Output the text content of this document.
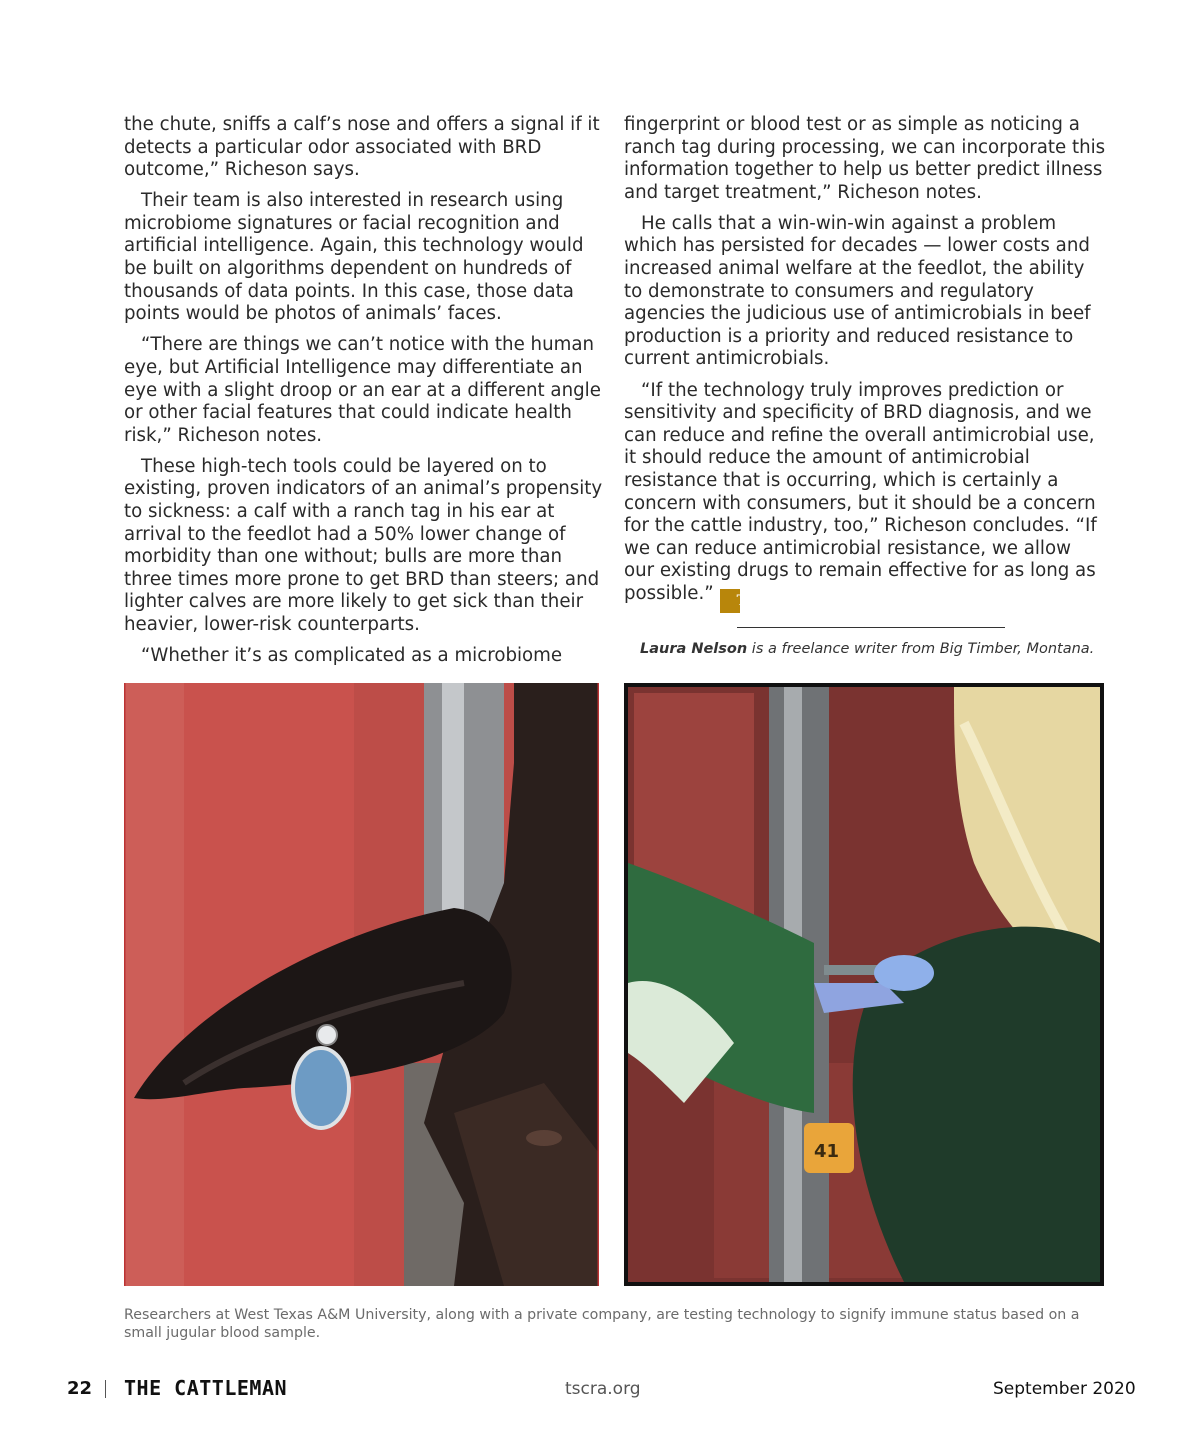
the chute, sniffs a calf’s nose and offers a signal if it detects a particular odor associated with BRD outcome,” Richeson says.

Their team is also interested in research using microbiome signatures or facial recognition and artificial intelligence. Again, this technology would be built on algorithms dependent on hundreds of thousands of data points. In this case, those data points would be photos of animals’ faces.

“There are things we can’t notice with the human eye, but Artificial Intelligence may differentiate an eye with a slight droop or an ear at a different angle or other facial features that could indicate health risk,” Richeson notes.

These high-tech tools could be layered on to existing, proven indicators of an animal’s propensity to sickness: a calf with a ranch tag in his ear at arrival to the feedlot had a 50% lower change of morbidity than one without; bulls are more than three times more prone to get BRD than steers; and lighter calves are more likely to get sick than their heavier, lower-risk counterparts.

“Whether it’s as complicated as a microbiome

fingerprint or blood test or as simple as noticing a ranch tag during processing, we can incorporate this information together to help us better predict illness and target treatment,” Richeson notes.

He calls that a win-win-win against a problem which has persisted for decades — lower costs and increased animal welfare at the feedlot, the ability to demonstrate to consumers and regulatory agencies the judicious use of antimicrobials in beef production is a priority and reduced resistance to current antimicrobials.

“If the technology truly improves prediction or sensitivity and specificity of BRD diagnosis, and we can reduce and refine the overall antimicrobial use, it should reduce the amount of antimicrobial resistance that is occurring, which is certainly a concern with consumers, but it should be a concern for the cattle industry, too,” Richeson concludes. “If we can reduce antimicrobial resistance, we allow our existing drugs to remain effective for as long as possible.” TC

Laura Nelson is a freelance writer from Big Timber, Montana.
41
Researchers at West Texas A&M University, along with a private company, are testing technology to signify immune status based on a small jugular blood sample.
22 THE CATTLEMAN	tscra.org	September 2020
